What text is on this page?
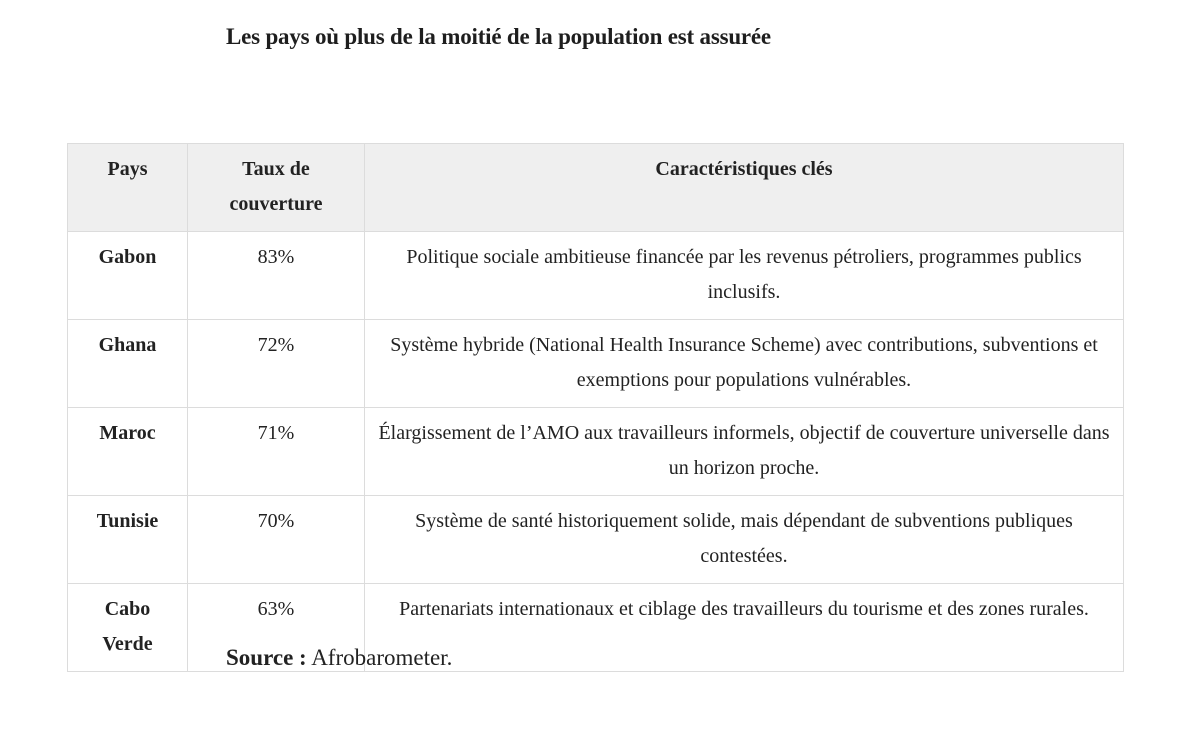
Les pays où plus de la moitié de la population est assurée
Pays	Taux de couverture	Caractéristiques clés
Gabon	83%	Politique sociale ambitieuse financée par les revenus pétroliers, programmes publics inclusifs.
Ghana	72%	Système hybride (National Health Insurance Scheme) avec contributions, subventions et exemptions pour populations vulnérables.
Maroc	71%	Élargissement de l’AMO aux travailleurs informels, objectif de couverture universelle dans un horizon proche.
Tunisie	70%	Système de santé historiquement solide, mais dépendant de subventions publiques contestées.
Cabo Verde	63%	Partenariats internationaux et ciblage des travailleurs du tourisme et des zones rurales.
Source : Afrobarometer.
